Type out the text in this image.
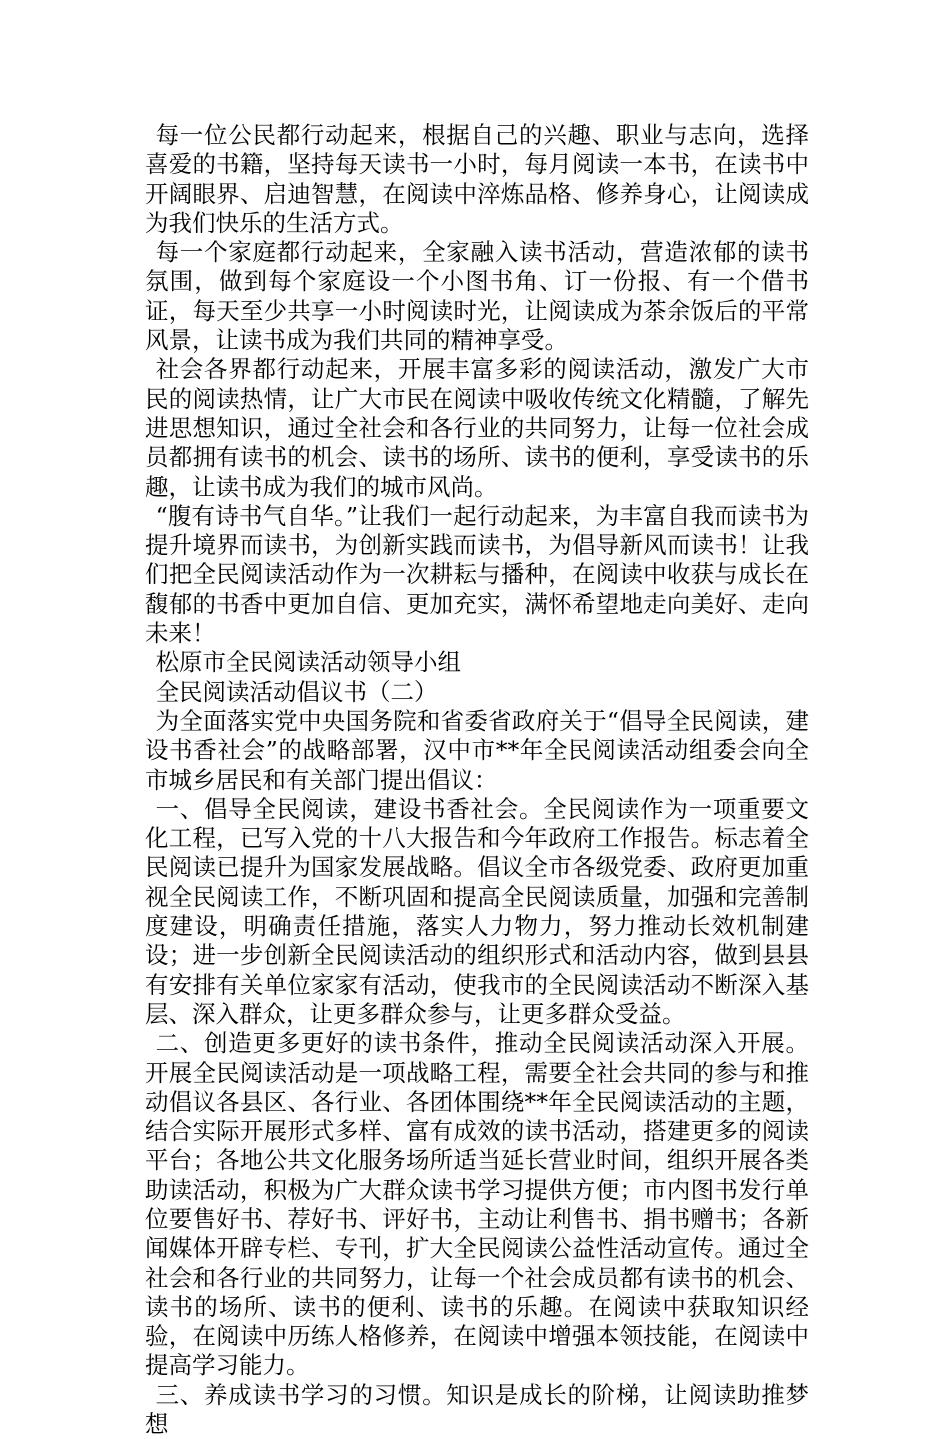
每一位公民都行动起来，根据自己的兴趣、职业与志向，选择喜爱的书籍，坚持每天读书一小时，每月阅读一本书，在读书中开阔眼界、启迪智慧，在阅读中淬炼品格、修养身心，让阅读成为我们快乐的生活方式。

每一个家庭都行动起来，全家融入读书活动，营造浓郁的读书氛围，做到每个家庭设一个小图书角、订一份报、有一个借书证，每天至少共享一小时阅读时光，让阅读成为茶余饭后的平常风景，让读书成为我们共同的精神享受。

社会各界都行动起来，开展丰富多彩的阅读活动，激发广大市民的阅读热情，让广大市民在阅读中吸收传统文化精髓，了解先进思想知识，通过全社会和各行业的共同努力，让每一位社会成员都拥有读书的机会、读书的场所、读书的便利，享受读书的乐趣，让读书成为我们的城市风尚。

“腹有诗书气自华。”让我们一起行动起来，为丰富自我而读书为提升境界而读书，为创新实践而读书，为倡导新风而读书！让我们把全民阅读活动作为一次耕耘与播种，在阅读中收获与成长在馥郁的书香中更加自信、更加充实，满怀希望地走向美好、走向未来！

松原市全民阅读活动领导小组

全民阅读活动倡议书（二）

为全面落实党中央国务院和省委省政府关于“倡导全民阅读，建设书香社会”的战略部署，汉中市**年全民阅读活动组委会向全市城乡居民和有关部门提出倡议：

一、倡导全民阅读，建设书香社会。全民阅读作为一项重要文化工程，已写入党的十八大报告和今年政府工作报告。标志着全民阅读已提升为国家发展战略。倡议全市各级党委、政府更加重视全民阅读工作，不断巩固和提高全民阅读质量，加强和完善制度建设，明确责任措施，落实人力物力，努力推动长效机制建设；进一步创新全民阅读活动的组织形式和活动内容，做到县县有安排有关单位家家有活动，使我市的全民阅读活动不断深入基层、深入群众，让更多群众参与，让更多群众受益。

二、创造更多更好的读书条件，推动全民阅读活动深入开展。开展全民阅读活动是一项战略工程，需要全社会共同的参与和推动倡议各县区、各行业、各团体围绕**年全民阅读活动的主题，结合实际开展形式多样、富有成效的读书活动，搭建更多的阅读平台；各地公共文化服务场所适当延长营业时间，组织开展各类助读活动，积极为广大群众读书学习提供方便；市内图书发行单位要售好书、荐好书、评好书，主动让利售书、捐书赠书；各新闻媒体开辟专栏、专刊，扩大全民阅读公益性活动宣传。通过全社会和各行业的共同努力，让每一个社会成员都有读书的机会、读书的场所、读书的便利、读书的乐趣。在阅读中获取知识经验，在阅读中历练人格修养，在阅读中增强本领技能，在阅读中提高学习能力。

三、养成读书学习的习惯。知识是成长的阶梯，让阅读助推梦想
